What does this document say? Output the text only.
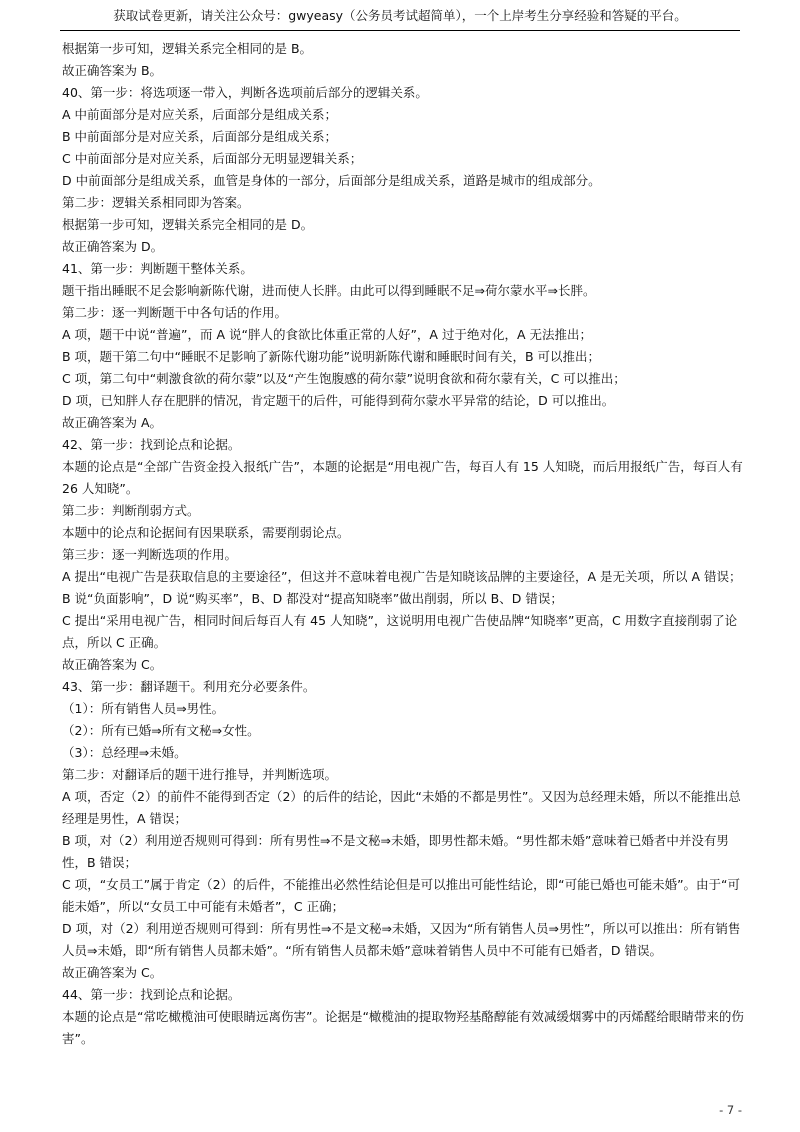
获取试卷更新，请关注公众号：gwyeasy（公务员考试超简单），一个上岸考生分享经验和答疑的平台。

根据第一步可知，逻辑关系完全相同的是 B。

故正确答案为 B。

40、第一步：将选项逐一带入，判断各选项前后部分的逻辑关系。

A 中前面部分是对应关系，后面部分是组成关系；

B 中前面部分是对应关系，后面部分是组成关系；

C 中前面部分是对应关系，后面部分无明显逻辑关系；

D 中前面部分是组成关系，血管是身体的一部分，后面部分是组成关系，道路是城市的组成部分。

第二步：逻辑关系相同即为答案。

根据第一步可知，逻辑关系完全相同的是 D。

故正确答案为 D。

41、第一步：判断题干整体关系。

题干指出睡眠不足会影响新陈代谢，进而使人长胖。由此可以得到睡眠不足⇒荷尔蒙水平⇒长胖。

第二步：逐一判断题干中各句话的作用。

A 项，题干中说“普遍”，而 A 说“胖人的食欲比体重正常的人好”，A 过于绝对化，A 无法推出；

B 项，题干第二句中“睡眠不足影响了新陈代谢功能”说明新陈代谢和睡眠时间有关，B 可以推出；

C 项，第二句中“刺激食欲的荷尔蒙”以及“产生饱腹感的荷尔蒙”说明食欲和荷尔蒙有关，C 可以推出；

D 项，已知胖人存在肥胖的情况，肯定题干的后件，可能得到荷尔蒙水平异常的结论，D 可以推出。

故正确答案为 A。

42、第一步：找到论点和论据。

本题的论点是“全部广告资金投入报纸广告”，本题的论据是“用电视广告，每百人有 15 人知晓，而后用报纸广告，每百人有 26 人知晓”。

第二步：判断削弱方式。

本题中的论点和论据间有因果联系，需要削弱论点。

第三步：逐一判断选项的作用。

A 提出“电视广告是获取信息的主要途径”，但这并不意味着电视广告是知晓该品牌的主要途径，A 是无关项，所以 A 错误；

B 说“负面影响”，D 说“购买率”，B、D 都没对“提高知晓率”做出削弱，所以 B、D 错误；

C 提出“采用电视广告，相同时间后每百人有 45 人知晓”，这说明用电视广告使品牌“知晓率”更高，C 用数字直接削弱了论点，所以 C 正确。

故正确答案为 C。

43、第一步：翻译题干。利用充分必要条件。

（1）：所有销售人员⇒男性。

（2）：所有已婚⇒所有文秘⇒女性。

（3）：总经理⇒未婚。

第二步：对翻译后的题干进行推导，并判断选项。

A 项，否定（2）的前件不能得到否定（2）的后件的结论，因此“未婚的不都是男性”。又因为总经理未婚，所以不能推出总经理是男性，A 错误；

B 项，对（2）利用逆否规则可得到：所有男性⇒不是文秘⇒未婚，即男性都未婚。“男性都未婚”意味着已婚者中并没有男性，B 错误；

C 项，“女员工”属于肯定（2）的后件，不能推出必然性结论但是可以推出可能性结论，即“可能已婚也可能未婚”。由于“可能未婚”，所以“女员工中可能有未婚者”，C 正确；

D 项，对（2）利用逆否规则可得到：所有男性⇒不是文秘⇒未婚，又因为“所有销售人员⇒男性”，所以可以推出：所有销售人员⇒未婚，即“所有销售人员都未婚”。“所有销售人员都未婚”意味着销售人员中不可能有已婚者，D 错误。

故正确答案为 C。

44、第一步：找到论点和论据。

本题的论点是“常吃橄榄油可使眼睛远离伤害”。论据是“橄榄油的提取物羟基酪醇能有效减缓烟雾中的丙烯醛给眼睛带来的伤害”。

- 7 -
